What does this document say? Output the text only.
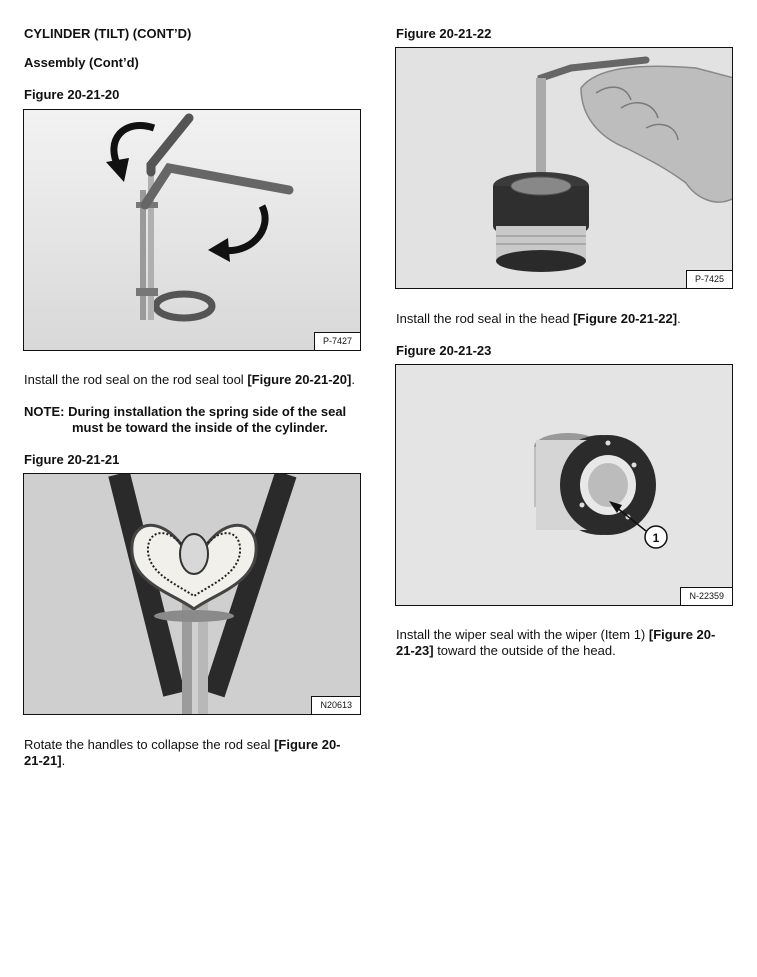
CYLINDER (TILT) (CONT’D)
Assembly (Cont’d)
Figure 20-21-20
P-7427
Install the rod seal on the rod seal tool [Figure 20-21-20].
NOTE: During installation the spring side of the seal
must be toward the inside of the cylinder.
Figure 20-21-21
N20613
Rotate the handles to collapse the rod seal [Figure 20-
21-21].
Figure 20-21-22
P-7425
Install the rod seal in the head [Figure 20-21-22].
Figure 20-21-23
1
N-22359
Install the wiper seal with the wiper (Item 1) [Figure 20-
21-23] toward the outside of the head.
